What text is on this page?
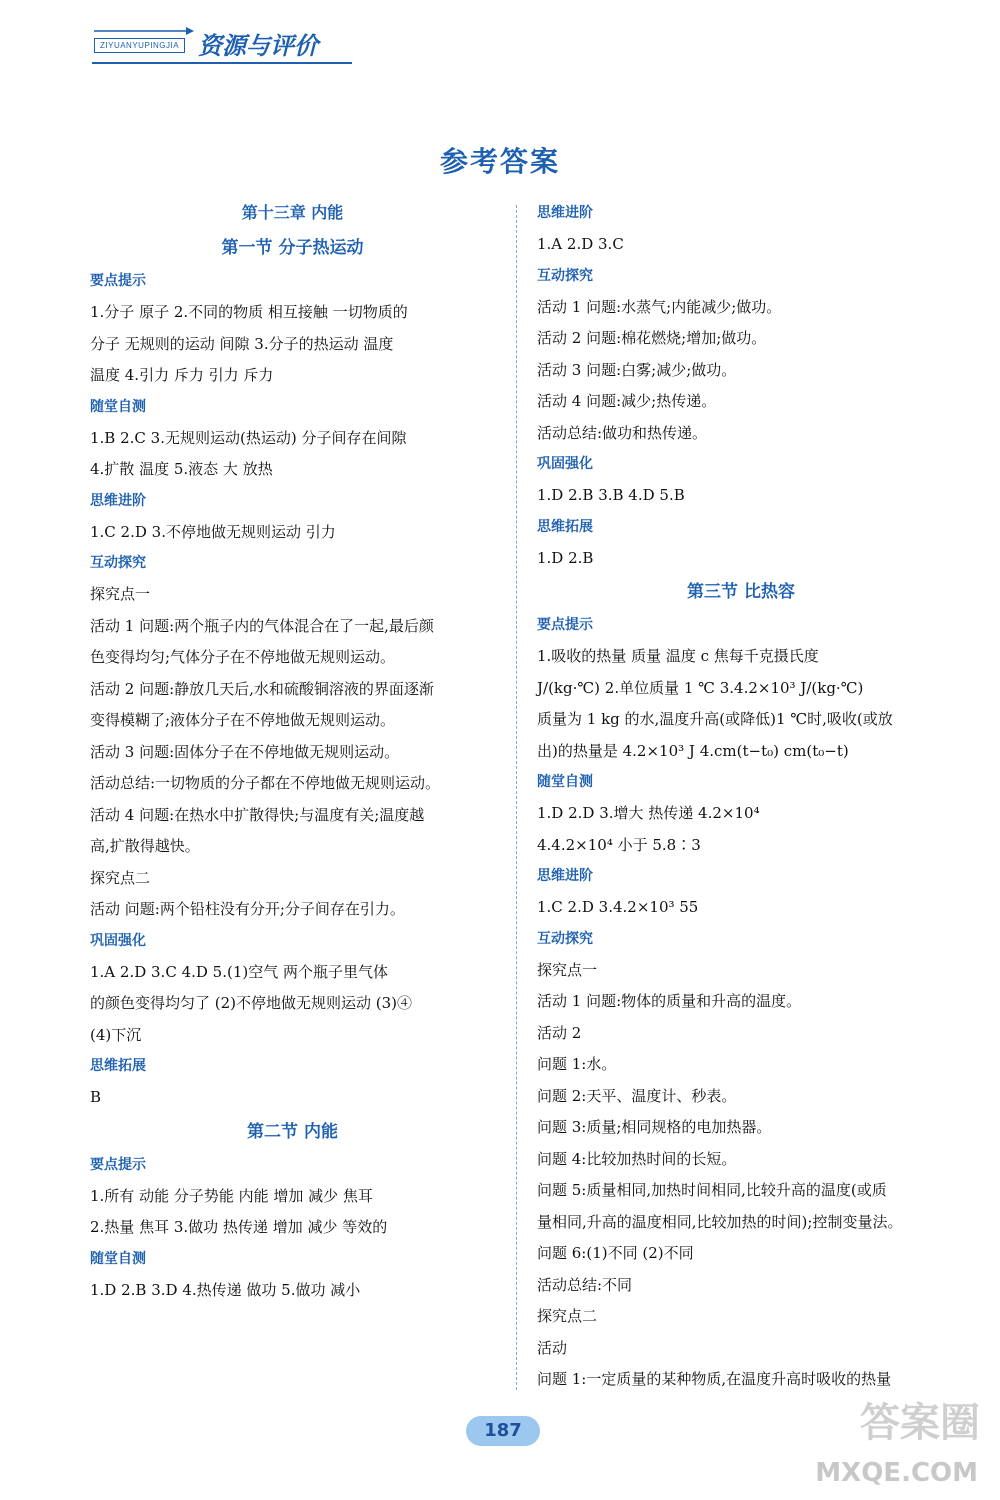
ZIYUANYUPINGJIA 资源与评价
参考答案
第十三章 内能
第一节 分子热运动
要点提示
1.分子 原子 2.不同的物质 相互接触 一切物质的
分子 无规则的运动 间隙 3.分子的热运动 温度
温度 4.引力 斥力 引力 斥力
随堂自测
1.B 2.C 3.无规则运动(热运动) 分子间存在间隙
4.扩散 温度 5.液态 大 放热
思维进阶
1.C 2.D 3.不停地做无规则运动 引力
互动探究
探究点一
活动 1 问题:两个瓶子内的气体混合在了一起,最后颜
色变得均匀;气体分子在不停地做无规则运动。
活动 2 问题:静放几天后,水和硫酸铜溶液的界面逐渐
变得模糊了;液体分子在不停地做无规则运动。
活动 3 问题:固体分子在不停地做无规则运动。
活动总结:一切物质的分子都在不停地做无规则运动。
活动 4 问题:在热水中扩散得快;与温度有关;温度越
高,扩散得越快。
探究点二
活动 问题:两个铅柱没有分开;分子间存在引力。
巩固强化
1.A 2.D 3.C 4.D 5.(1)空气 两个瓶子里气体
的颜色变得均匀了 (2)不停地做无规则运动 (3)④
(4)下沉
思维拓展
B
第二节 内能
要点提示
1.所有 动能 分子势能 内能 增加 减少 焦耳
2.热量 焦耳 3.做功 热传递 增加 减少 等效的
随堂自测
1.D 2.B 3.D 4.热传递 做功 5.做功 减小
思维进阶
1.A 2.D 3.C
互动探究
活动 1 问题:水蒸气;内能减少;做功。
活动 2 问题:棉花燃烧;增加;做功。
活动 3 问题:白雾;减少;做功。
活动 4 问题:减少;热传递。
活动总结:做功和热传递。
巩固强化
1.D 2.B 3.B 4.D 5.B
思维拓展
1.D 2.B
第三节 比热容
要点提示
1.吸收的热量 质量 温度 c 焦每千克摄氏度
J/(kg·℃) 2.单位质量 1 ℃ 3.4.2×10³ J/(kg·℃)
质量为 1 kg 的水,温度升高(或降低)1 ℃时,吸收(或放
出)的热量是 4.2×10³ J 4.cm(t−t₀) cm(t₀−t)
随堂自测
1.D 2.D 3.增大 热传递 4.2×10⁴
4.4.2×10⁴ 小于 5.8∶3
思维进阶
1.C 2.D 3.4.2×10³ 55
互动探究
探究点一
活动 1 问题:物体的质量和升高的温度。
活动 2
问题 1:水。
问题 2:天平、温度计、秒表。
问题 3:质量;相同规格的电加热器。
问题 4:比较加热时间的长短。
问题 5:质量相同,加热时间相同,比较升高的温度(或质
量相同,升高的温度相同,比较加热的时间);控制变量法。
问题 6:(1)不同 (2)不同
活动总结:不同
探究点二
活动
问题 1:一定质量的某种物质,在温度升高时吸收的热量
187	答案圈
MXQE.COM
